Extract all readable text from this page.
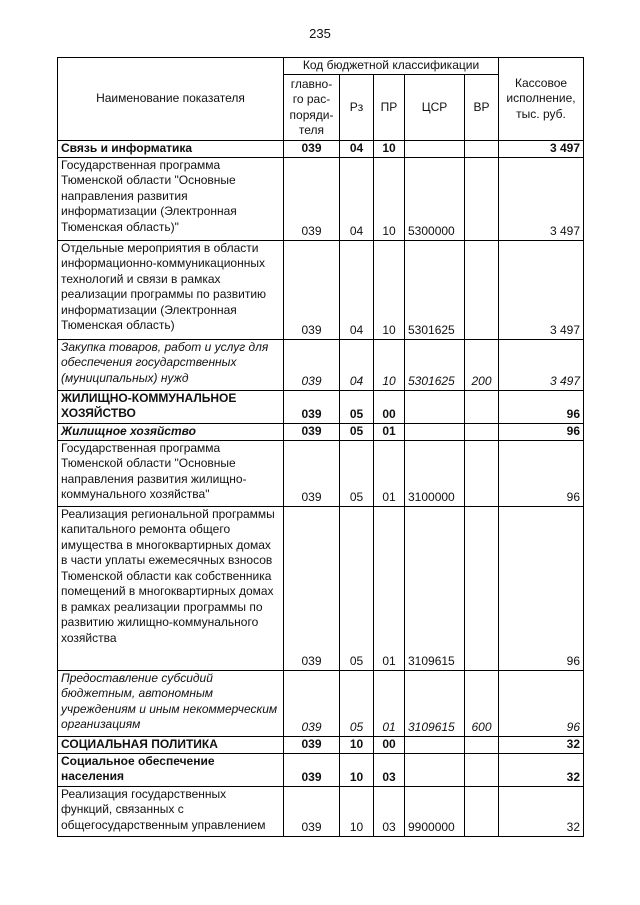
235
Наименование показателя	Код бюджетной классификации					Кассовое исполнение, тыс. руб.
	главно-го рас-поряди-теля	Рз	ПР	ЦСР	ВР	
Связь и информатика	039	04	10			3 497
Государственная программа Тюменской области "Основные направления развития информатизации (Электронная Тюменская область)"	039	04	10	5300000		3 497
Отдельные мероприятия в области информационно-коммуникационных технологий и связи в рамках реализации программы по развитию информатизации (Электронная Тюменская область)	039	04	10	5301625		3 497
Закупка товаров, работ и услуг для обеспечения государственных (муниципальных) нужд	039	04	10	5301625	200	3 497
ЖИЛИЩНО-КОММУНАЛЬНОЕ ХОЗЯЙСТВО	039	05	00			96
Жилищное хозяйство	039	05	01			96
Государственная программа Тюменской области "Основные направления развития жилищно-коммунального хозяйства"	039	05	01	3100000		96
Реализация региональной программы капитального ремонта общего имущества в многоквартирных домах в части уплаты ежемесячных взносов Тюменской области как собственника помещений в многоквартирных домах в рамках реализации программы по развитию жилищно-коммунального хозяйства	039	05	01	3109615		96
Предоставление субсидий бюджетным, автономным учреждениям и иным некоммерческим организациям	039	05	01	3109615	600	96
СОЦИАЛЬНАЯ ПОЛИТИКА	039	10	00			32
Социальное обеспечение населения	039	10	03			32
Реализация государственных функций, связанных с общегосударственным управлением	039	10	03	9900000		32
